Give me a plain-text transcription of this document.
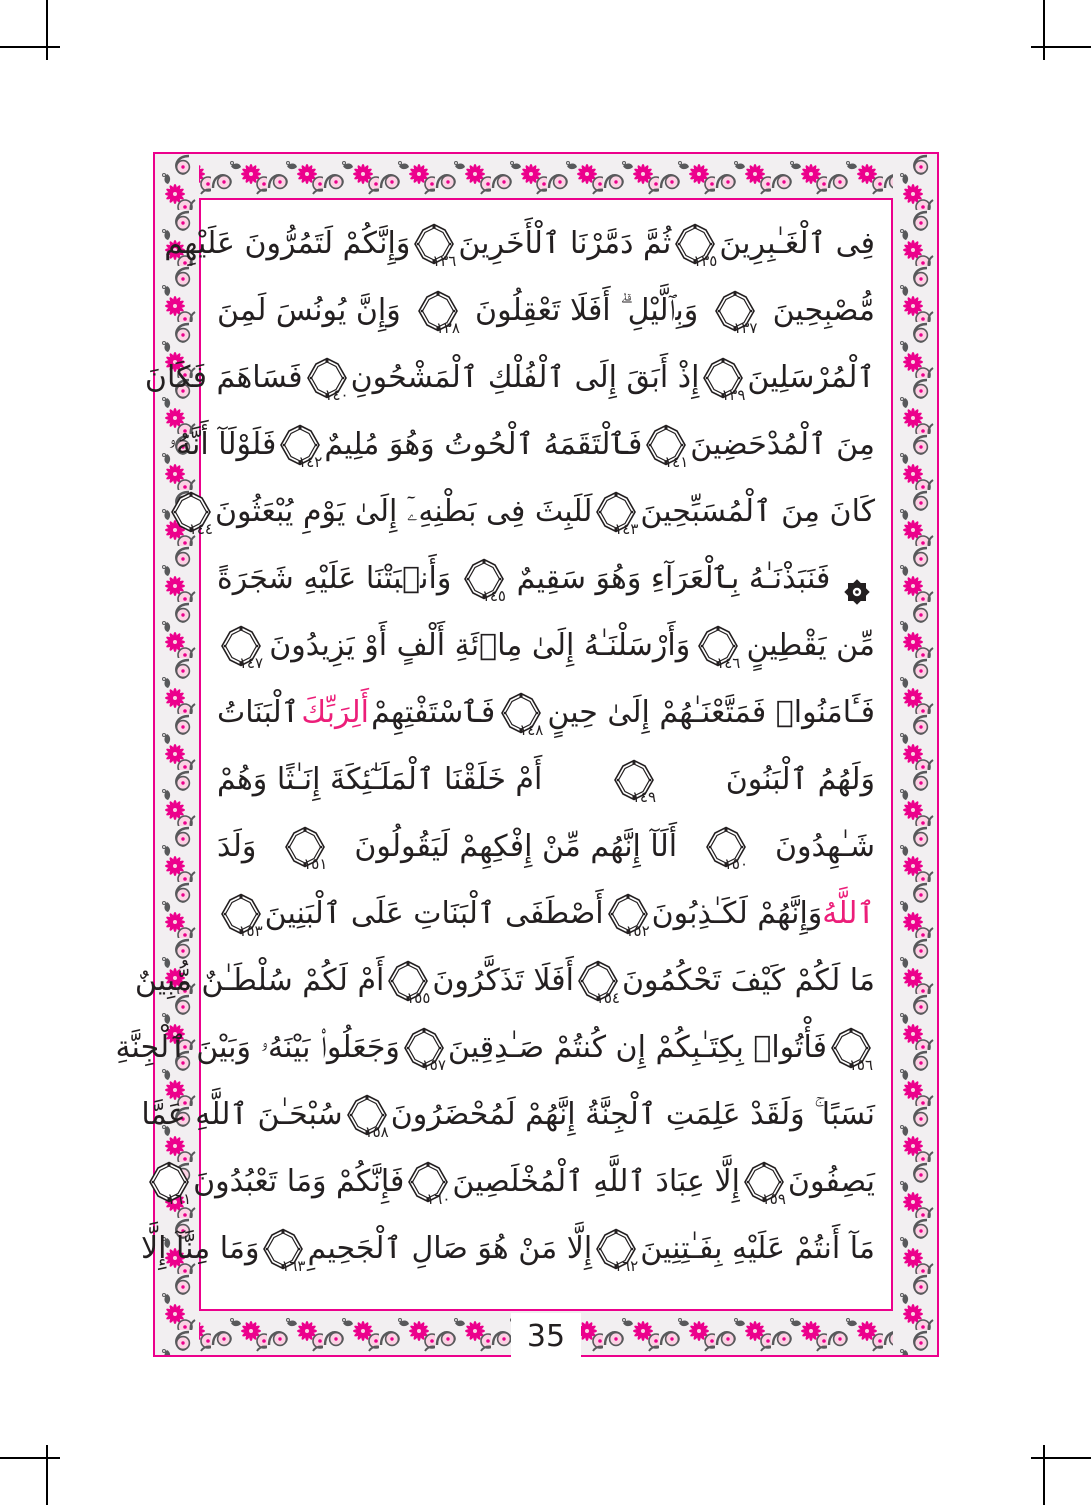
فِى ٱلْغَـٰبِرِينَ
١٣٥
ثُمَّ دَمَّرْنَا ٱلْأَخَرِينَ
١٣٦
وَإِنَّكُمْ لَتَمُرُّونَ عَلَيْهِم
مُّصْبِحِينَ
١٣٧
وَبِٱلَّيْلِ ۗ أَفَلَا تَعْقِلُونَ
١٣٨
وَإِنَّ يُونُسَ لَمِنَ
ٱلْمُرْسَلِينَ
١٣٩
إِذْ أَبَقَ إِلَى ٱلْفُلْكِ ٱلْمَشْحُونِ
١٤٠
فَسَاهَمَ فَكَانَ
مِنَ ٱلْمُدْحَضِينَ
١٤١
فَٱلْتَقَمَهُ ٱلْحُوتُ وَهُوَ مُلِيمٌ
١٤٢
فَلَوْلَآ أَنَّهُۥ
كَانَ مِنَ ٱلْمُسَبِّحِينَ
١٤٣
لَلَبِثَ فِى بَطْنِهِۦٓ إِلَىٰ يَوْمِ يُبْعَثُونَ
١٤٤
فَنَبَذْنَـٰهُ بِٱلْعَرَآءِ وَهُوَ سَقِيمٌ
١٤٥
وَأَنۢبَتْنَا عَلَيْهِ شَجَرَةً
مِّن يَقْطِينٍ
١٤٦
وَأَرْسَلْنَـٰهُ إِلَىٰ مِا۟ئَةِ أَلْفٍ أَوْ يَزِيدُونَ
١٤٧
فَـَٔامَنُوا۟ فَمَتَّعْنَـٰهُمْ إِلَىٰ حِينٍ
١٤٨
فَٱسْتَفْتِهِمْ
أَلِرَبِّكَ
ٱلْبَنَاتُ
وَلَهُمُ ٱلْبَنُونَ
١٤٩
أَمْ خَلَقْنَا ٱلْمَلَـٰٓئِكَةَ إِنَـٰثًا وَهُمْ
شَـٰهِدُونَ
١٥٠
أَلَآ إِنَّهُم مِّنْ إِفْكِهِمْ لَيَقُولُونَ
١٥١
وَلَدَ
ٱللَّهُ
وَإِنَّهُمْ لَكَـٰذِبُونَ
١٥٢
أَصْطَفَى ٱلْبَنَاتِ عَلَى ٱلْبَنِينَ
١٥٣
مَا لَكُمْ كَيْفَ تَحْكُمُونَ
١٥٤
أَفَلَا تَذَكَّرُونَ
١٥٥
أَمْ لَكُمْ سُلْطَـٰنٌ مُّبِينٌ
١٥٦
فَأْتُوا۟ بِكِتَـٰبِكُمْ إِن كُنتُمْ صَـٰدِقِينَ
١٥٧
وَجَعَلُوا۟ بَيْنَهُۥ وَبَيْنَ ٱلْجِنَّةِ
نَسَبًا ۚ وَلَقَدْ عَلِمَتِ ٱلْجِنَّةُ إِنَّهُمْ لَمُحْضَرُونَ
١٥٨
سُبْحَـٰنَ ٱللَّهِ عَمَّا
يَصِفُونَ
١٥٩
إِلَّا عِبَادَ ٱللَّهِ ٱلْمُخْلَصِينَ
١٦٠
فَإِنَّكُمْ وَمَا تَعْبُدُونَ
١٦١
مَآ أَنتُمْ عَلَيْهِ بِفَـٰتِنِينَ
١٦٢
إِلَّا مَنْ هُوَ صَالِ ٱلْجَحِيمِ
١٦٣
وَمَا مِنَّآ إِلَّا
35
